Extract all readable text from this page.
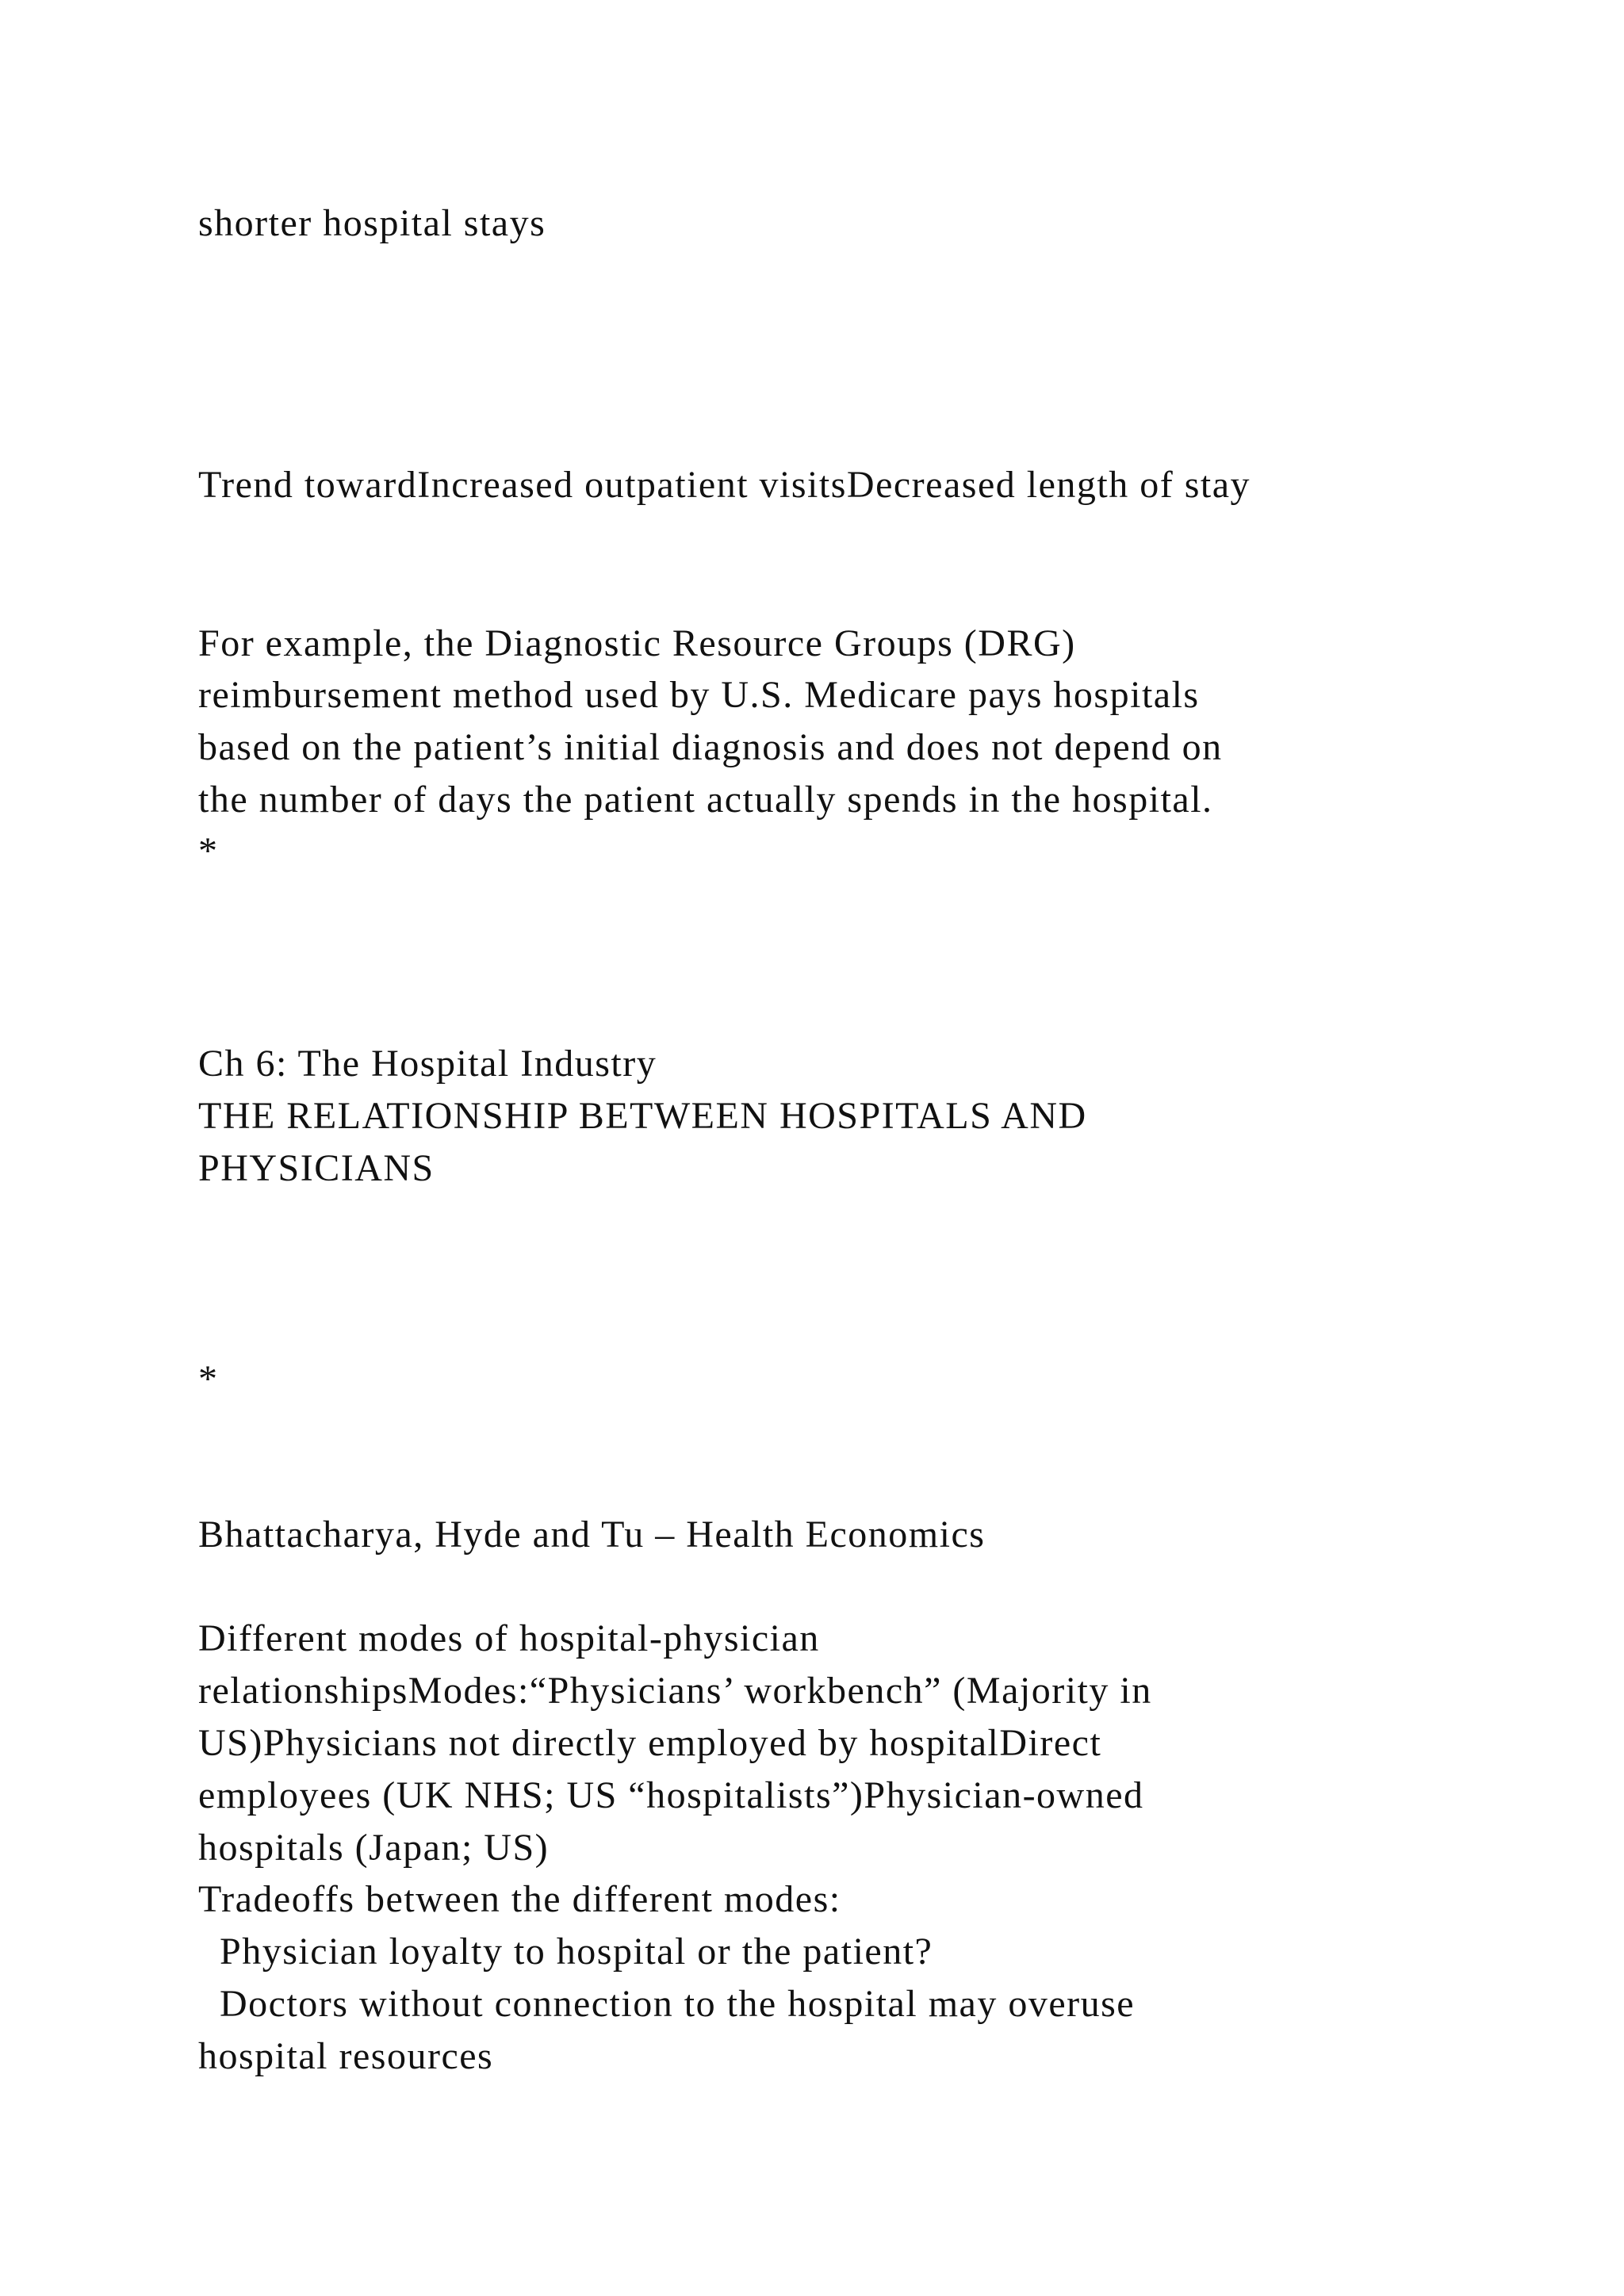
shorter hospital stays
Trend towardIncreased outpatient visitsDecreased length of stay
For example, the Diagnostic Resource Groups (DRG)
reimbursement method used by U.S. Medicare pays hospitals
based on the patient’s initial diagnosis and does not depend on
the number of days the patient actually spends in the hospital.
*
Ch 6: The Hospital Industry
THE RELATIONSHIP BETWEEN HOSPITALS AND
PHYSICIANS
*
Bhattacharya, Hyde and Tu – Health Economics
Different modes of hospital-physician
relationshipsModes:“Physicians’ workbench” (Majority in
US)Physicians not directly employed by hospitalDirect
employees (UK NHS; US “hospitalists”)Physician-owned
hospitals (Japan; US)
Tradeoffs between the different modes:
Physician loyalty to hospital or the patient?
Doctors without connection to the hospital may overuse
hospital resources
